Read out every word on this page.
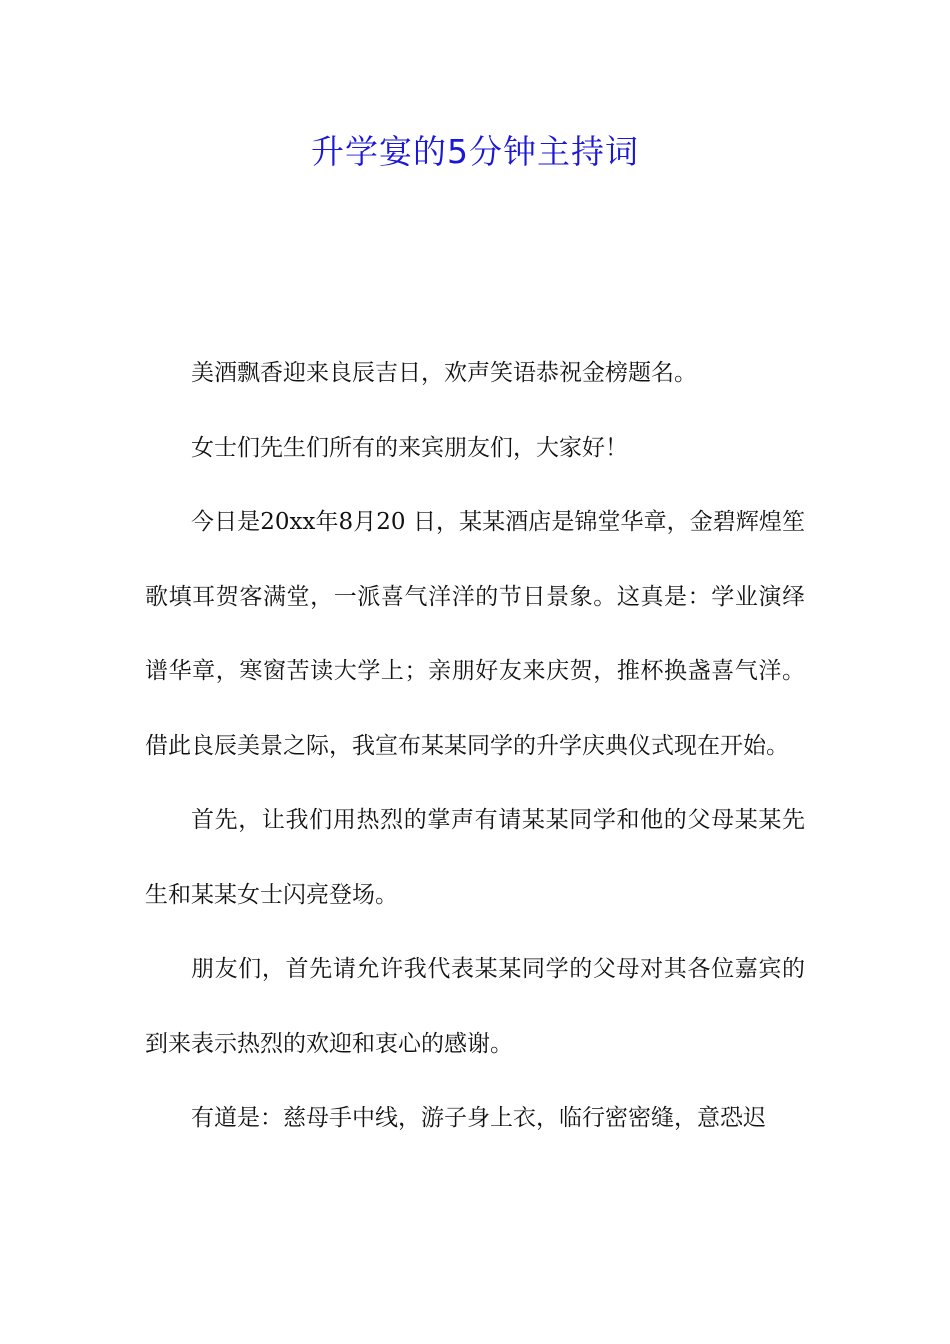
升学宴的5分钟主持词

美酒飘香迎来良辰吉日，欢声笑语恭祝金榜题名。

女士们先生们所有的来宾朋友们，大家好！

今日是20xx年8月20 日，某某酒店是锦堂华章，金碧辉煌笙歌填耳贺客满堂，一派喜气洋洋的节日景象。这真是：学业演绎谱华章，寒窗苦读大学上；亲朋好友来庆贺，推杯换盏喜气洋。借此良辰美景之际，我宣布某某同学的升学庆典仪式现在开始。

首先，让我们用热烈的掌声有请某某同学和他的父母某某先生和某某女士闪亮登场。

朋友们，首先请允许我代表某某同学的父母对其各位嘉宾的到来表示热烈的欢迎和衷心的感谢。

有道是：慈母手中线，游子身上衣，临行密密缝，意恐迟
